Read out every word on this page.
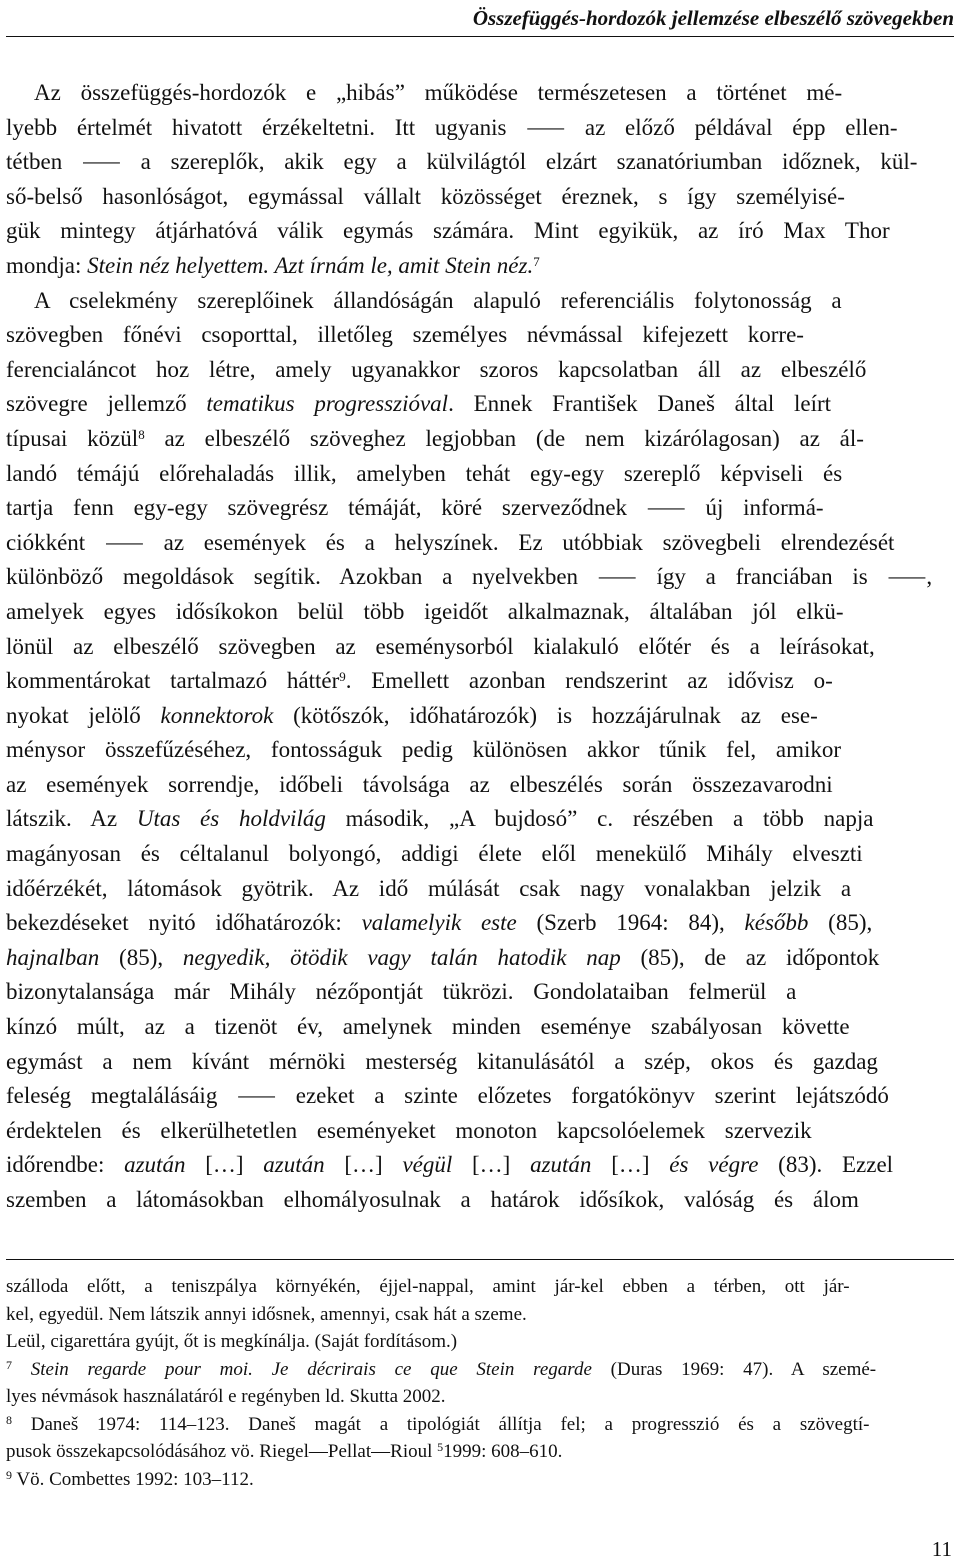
Összefüggés-hordozók jellemzése elbeszélő szövegekben

Az összefüggés-hordozók e „hibás” működése természetesen a történet mé-

lyebb értelmét hivatott érzékeltetni. Itt ugyanis ⸺ az előző példával épp ellen-

tétben ⸺ a szereplők, akik egy a külvilágtól elzárt szanatóriumban időznek, kül-

ső-belső hasonlóságot, egymással vállalt közösséget éreznek, s így személyisé-

gük mintegy átjárhatóvá válik egymás számára. Mint egyikük, az író Max Thor

mondja: Stein néz helyettem. Azt írnám le, amit Stein néz.$^7$

A cselekmény szereplőinek állandóságán alapuló referenciális folytonosság a

szövegben főnévi csoporttal, illetőleg személyes névmással kifejezett korre-

ferencialáncot hoz létre, amely ugyanakkor szoros kapcsolatban áll az elbeszélő

szövegre jellemző tematikus progresszióval. Ennek František Daneš által leírt

típusai közül$^8$ az elbeszélő szöveghez legjobban (de nem kizárólagosan) az ál-

landó témájú előrehaladás illik, amelyben tehát egy-egy szereplő képviseli és

tartja fenn egy-egy szövegrész témáját, köré szerveződnek ⸺ új informá-

ciókként ⸺ az események és a helyszínek. Ez utóbbiak szövegbeli elrendezését

különböző megoldások segítik. Azokban a nyelvekben ⸺ így a franciában is ⸺,

amelyek egyes idősíkokon belül több igeidőt alkalmaznak, általában jól elkü-

lönül az elbeszélő szövegben az eseménysorból kialakuló előtér és a leírásokat,

kommentárokat tartalmazó háttér$^9$. Emellett azonban rendszerint az idővisz o-

nyokat jelölő konnektorok (kötőszók, időhatározók) is hozzájárulnak az ese-

ménysor összefűzéséhez, fontosságuk pedig különösen akkor tűnik fel, amikor

az események sorrendje, időbeli távolsága az elbeszélés során összezavarodni

látszik. Az Utas és holdvilág második, „A bujdosó” c. részében a több napja

magányosan és céltalanul bolyongó, addigi élete elől menekülő Mihály elveszti

időérzékét, látomások gyötrik. Az idő múlását csak nagy vonalakban jelzik a

bekezdéseket nyitó időhatározók: valamelyik este (Szerb 1964: 84), később (85),

hajnalban (85), negyedik, ötödik vagy talán hatodik nap (85), de az időpontok

bizonytalansága már Mihály nézőpontját tükrözi. Gondolataiban felmerül a

kínzó múlt, az a tizenöt év, amelynek minden eseménye szabályosan követte

egymást a nem kívánt mérnöki mesterség kitanulásától a szép, okos és gazdag

feleség megtalálásáig ⸺ ezeket a szinte előzetes forgatókönyv szerint lejátszódó

érdektelen és elkerülhetetlen eseményeket monoton kapcsolóelemek szervezik

időrendbe: azután […] azután […] végül […] azután […] és végre (83). Ezzel

szemben a látomásokban elhomályosulnak a határok idősíkok, valóság és álom

szálloda előtt, a teniszpálya környékén, éjjel-nappal, amint jár-kel ebben a térben, ott jár-

kel, egyedül. Nem látszik annyi idősnek, amennyi, csak hát a szeme.

Leül, cigarettára gyújt, őt is megkínálja. (Saját fordításom.)

$^7$ Stein regarde pour moi. Je décrirais ce que Stein regarde (Duras 1969: 47). A szemé-

lyes névmások használatáról e regényben ld. Skutta 2002.

$^8$ Daneš 1974: 114–123. Daneš magát a tipológiát állítja fel; a progresszió és a szövegtí-

pusok összekapcsolódásához vö. Riegel—Pellat—Rioul $^5$1999: 608–610.

$^9$ Vö. Combettes 1992: 103–112.

11
